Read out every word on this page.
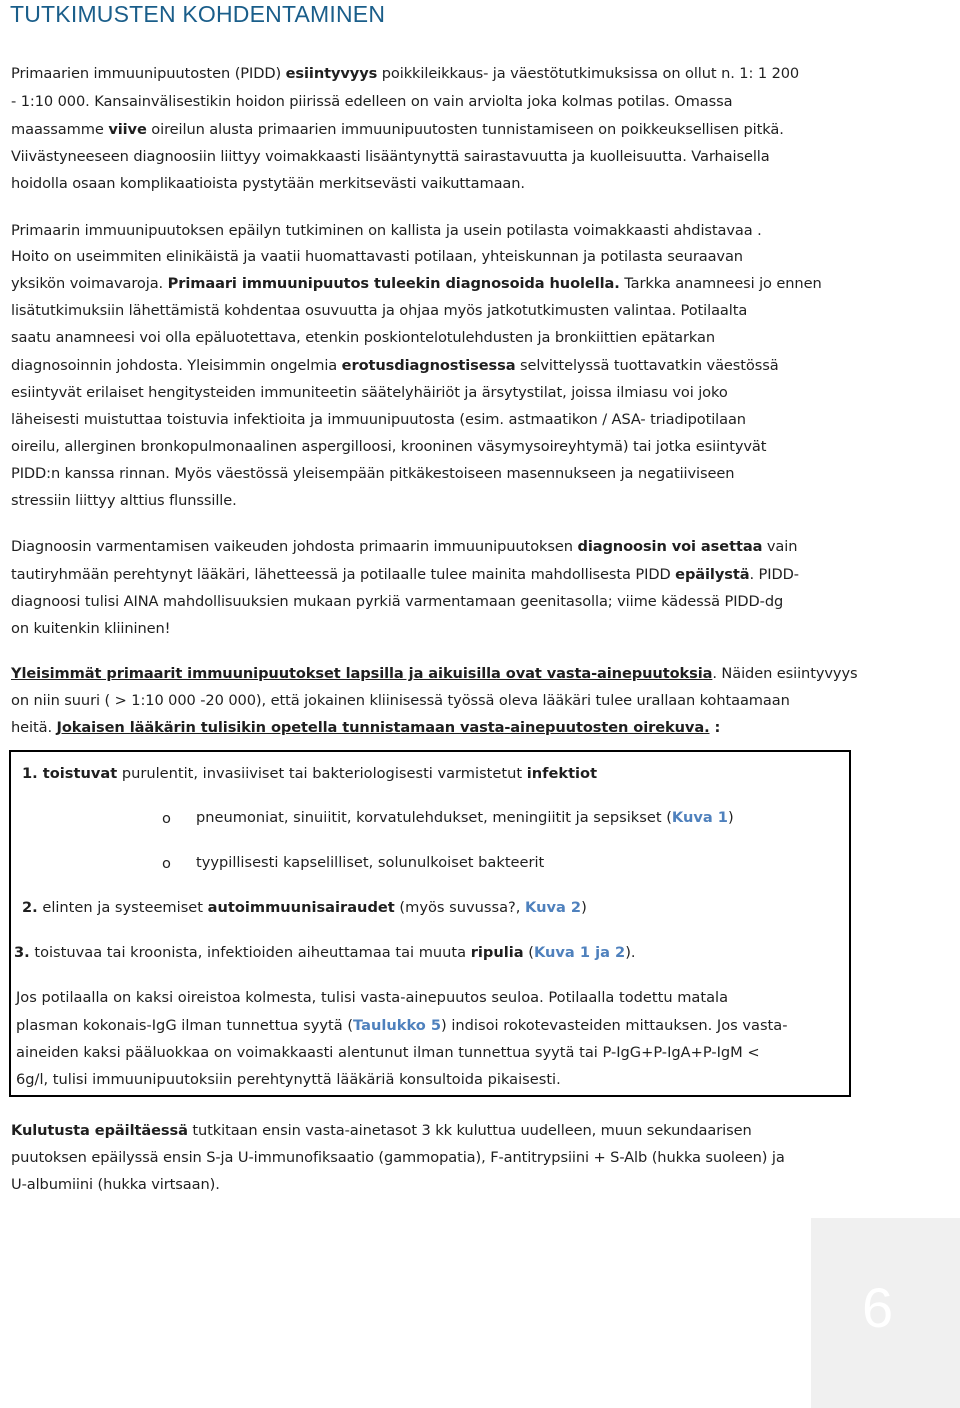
TUTKIMUSTEN KOHDENTAMINEN

Primaarien immuunipuutosten (PIDD) esiintyvyys poikkileikkaus- ja väestötutkimuksissa on ollut n. 1: 1 200

- 1:10 000. Kansainvälisestikin hoidon piirissä edelleen on vain arviolta joka kolmas potilas. Omassa

maassamme viive oireilun alusta primaarien immuunipuutosten tunnistamiseen on poikkeuksellisen pitkä.

Viivästyneeseen diagnoosiin liittyy voimakkaasti lisääntynyttä sairastavuutta ja kuolleisuutta. Varhaisella

hoidolla osaan komplikaatioista pystytään merkitsevästi vaikuttamaan.

Primaarin immuunipuutoksen epäilyn tutkiminen on kallista ja usein potilasta voimakkaasti ahdistavaa .

Hoito on useimmiten elinikäistä ja vaatii huomattavasti potilaan, yhteiskunnan ja potilasta seuraavan

yksikön voimavaroja. Primaari immuunipuutos tuleekin diagnosoida huolella. Tarkka anamneesi jo ennen

lisätutkimuksiin lähettämistä kohdentaa osuvuutta ja ohjaa myös jatkotutkimusten valintaa. Potilaalta

saatu anamneesi voi olla epäluotettava, etenkin poskiontelotulehdusten ja bronkiittien epätarkan

diagnosoinnin johdosta. Yleisimmin ongelmia erotusdiagnostisessa selvittelyssä tuottavatkin väestössä

esiintyvät erilaiset hengitysteiden immuniteetin säätelyhäiriöt ja ärsytystilat, joissa ilmiasu voi joko

läheisesti muistuttaa toistuvia infektioita ja immuunipuutosta (esim. astmaatikon / ASA- triadipotilaan

oireilu, allerginen bronkopulmonaalinen aspergilloosi, krooninen väsymysoireyhtymä) tai jotka esiintyvät

PIDD:n kanssa rinnan. Myös väestössä yleisempään pitkäkestoiseen masennukseen ja negatiiviseen

stressiin liittyy alttius flunssille.

Diagnoosin varmentamisen vaikeuden johdosta primaarin immuunipuutoksen diagnoosin voi asettaa vain

tautiryhmään perehtynyt lääkäri, lähetteessä ja potilaalle tulee mainita mahdollisesta PIDD epäilystä. PIDD-

diagnoosi tulisi AINA mahdollisuuksien mukaan pyrkiä varmentamaan geenitasolla; viime kädessä PIDD-dg

on kuitenkin kliininen!

Yleisimmät primaarit immuunipuutokset lapsilla ja aikuisilla ovat vasta-ainepuutoksia. Näiden esiintyvyys

on niin suuri ( > 1:10 000 -20 000), että jokainen kliinisessä työssä oleva lääkäri tulee urallaan kohtaamaan

heitä. Jokaisen lääkärin tulisikin opetella tunnistamaan vasta-ainepuutosten oirekuva. :

1. toistuvat purulentit, invasiiviset tai bakteriologisesti varmistetut infektiot

o pneumoniat, sinuiitit, korvatulehdukset, meningiitit ja sepsikset (Kuva 1)

o tyypillisesti kapselilliset, solunulkoiset bakteerit

2. elinten ja systeemiset autoimmuunisairaudet (myös suvussa?, Kuva 2)

3. toistuvaa tai kroonista, infektioiden aiheuttamaa tai muuta ripulia (Kuva 1 ja 2).

Jos potilaalla on kaksi oireistoa kolmesta, tulisi vasta-ainepuutos seuloa. Potilaalla todettu matala

plasman kokonais-IgG ilman tunnettua syytä (Taulukko 5) indisoi rokotevasteiden mittauksen. Jos vasta-

aineiden kaksi pääluokkaa on voimakkaasti alentunut ilman tunnettua syytä tai P-IgG+P-IgA+P-IgM <

6g/l, tulisi immuunipuutoksiin perehtynyttä lääkäriä konsultoida pikaisesti.

Kulutusta epäiltäessä tutkitaan ensin vasta-ainetasot 3 kk kuluttua uudelleen, muun sekundaarisen

puutoksen epäilyssä ensin S-ja U-immunofiksaatio (gammopatia), F-antitrypsiini + S-Alb (hukka suoleen) ja

U-albumiini (hukka virtsaan).

6
